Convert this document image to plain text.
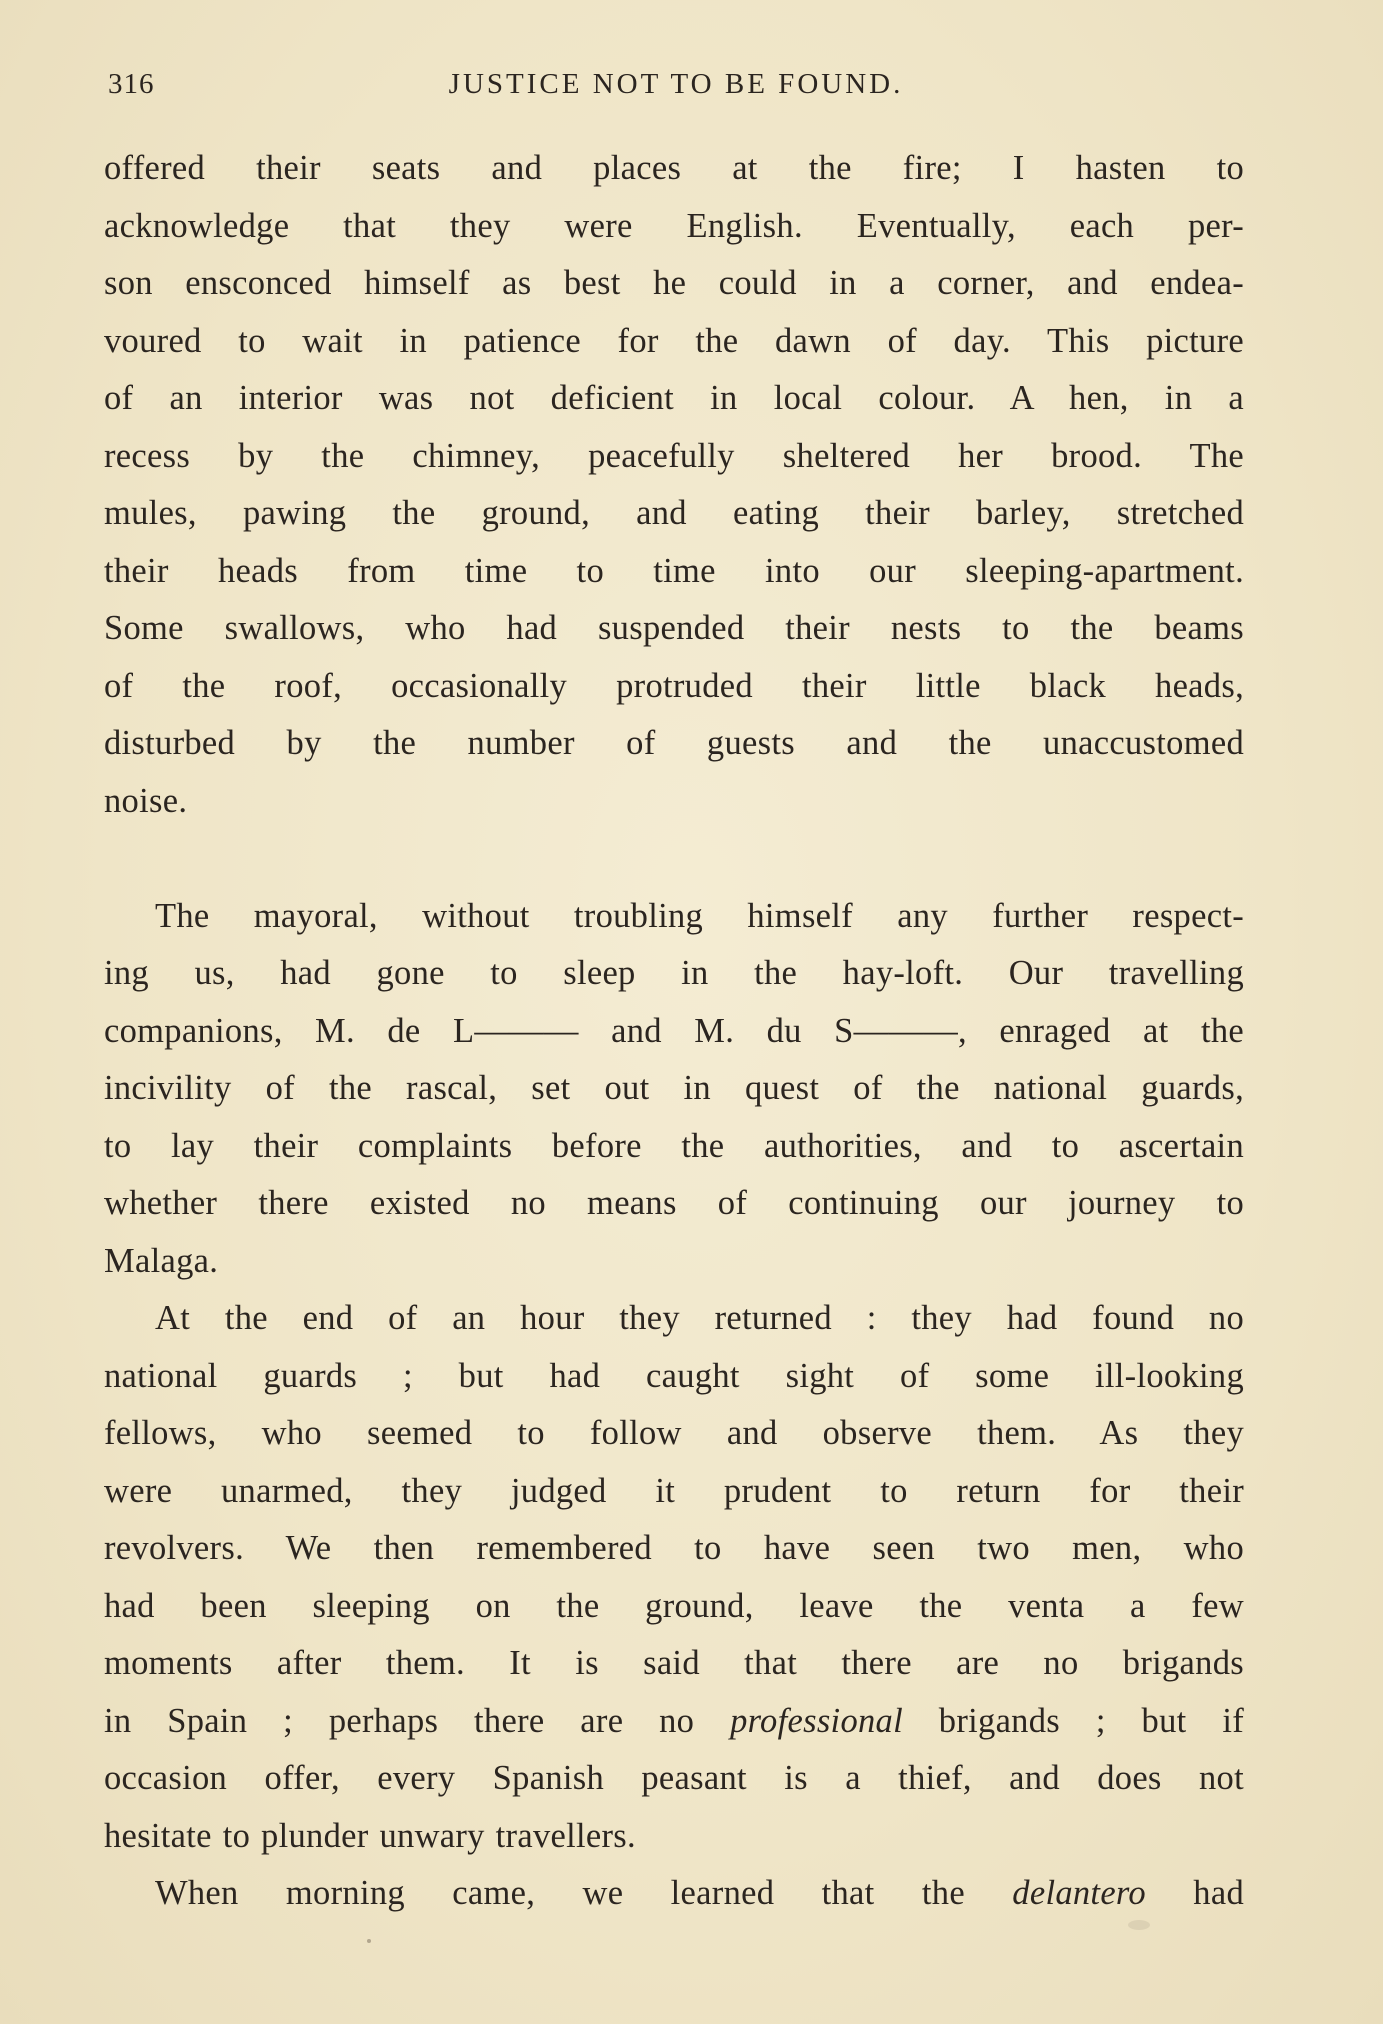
316	JUSTICE NOT TO BE FOUND.
offered their seats and places at the fire; I hasten to
acknowledge that they were English. Eventually, each per-
son ensconced himself as best he could in a corner, and endea-
voured to wait in patience for the dawn of day. This picture
of an interior was not deficient in local colour. A hen, in a
recess by the chimney, peacefully sheltered her brood. The
mules, pawing the ground, and eating their barley, stretched
their heads from time to time into our sleeping-apartment.
Some swallows, who had suspended their nests to the beams
of the roof, occasionally protruded their little black heads,
disturbed by the number of guests and the unaccustomed
noise.
The mayoral, without troubling himself any further respect-
ing us, had gone to sleep in the hay-loft. Our travelling
companions, M. de L——— and M. du S———, enraged at the
incivility of the rascal, set out in quest of the national guards,
to lay their complaints before the authorities, and to ascertain
whether there existed no means of continuing our journey to
Malaga.
At the end of an hour they returned : they had found no
national guards ; but had caught sight of some ill-looking
fellows, who seemed to follow and observe them. As they
were unarmed, they judged it prudent to return for their
revolvers. We then remembered to have seen two men, who
had been sleeping on the ground, leave the venta a few
moments after them. It is said that there are no brigands
in Spain ; perhaps there are no professional brigands ; but if
occasion offer, every Spanish peasant is a thief, and does not
hesitate to plunder unwary travellers.
When morning came, we learned that the delantero had
